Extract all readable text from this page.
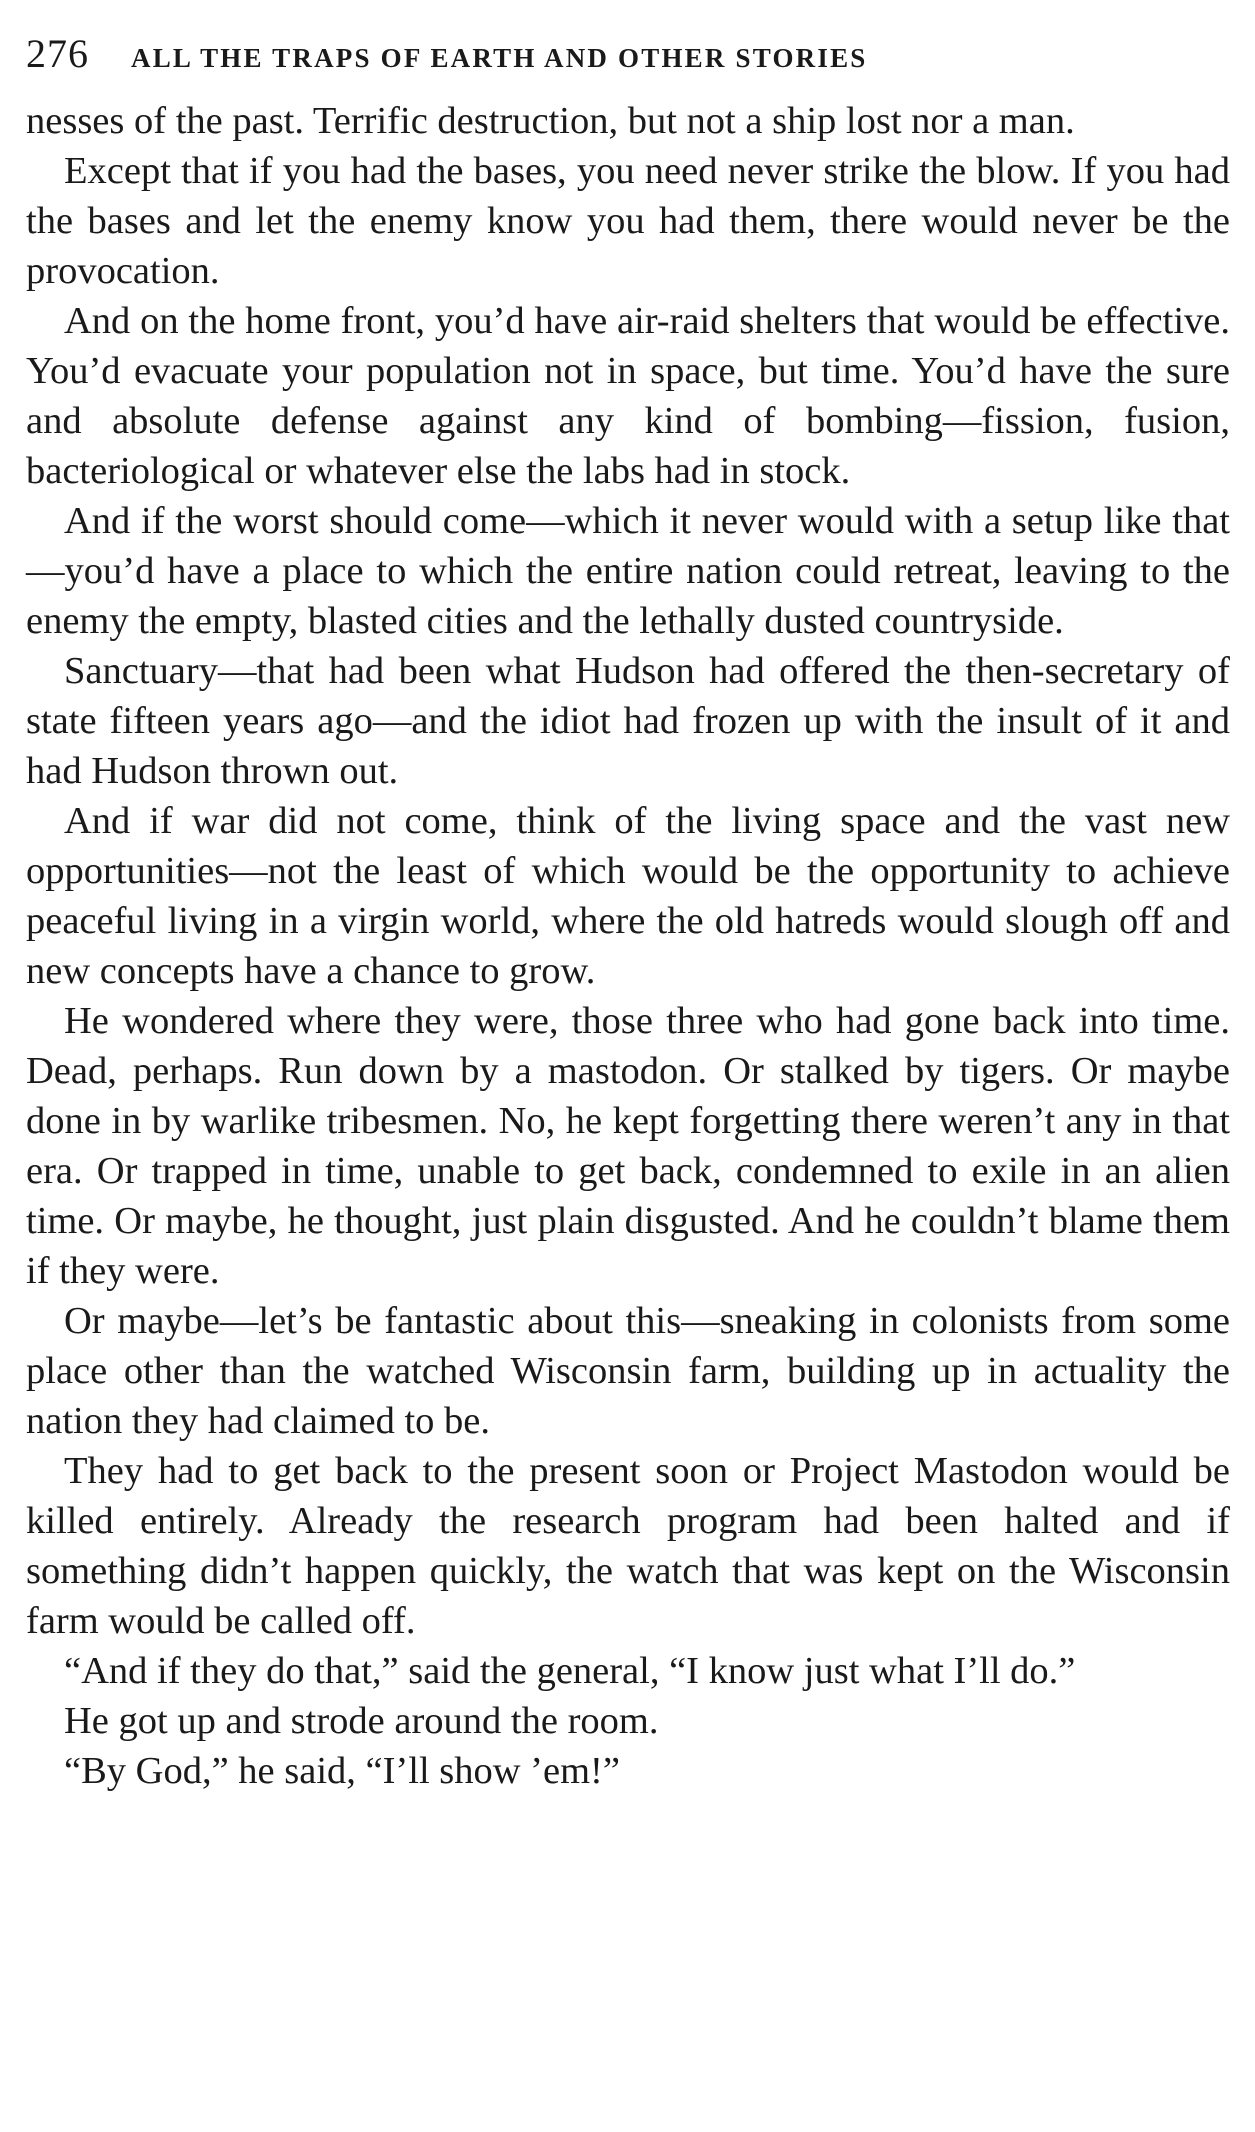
276 ALL THE TRAPS OF EARTH AND OTHER STORIES

nesses of the past. Terrific destruction, but not a ship lost nor a man.

Except that if you had the bases, you need never strike the blow. If you had the bases and let the enemy know you had them, there would never be the provocation.

And on the home front, you’d have air-raid shelters that would be effective. You’d evacuate your population not in space, but time. You’d have the sure and absolute defense against any kind of bombing—fission, fusion, bacteriological or whatever else the labs had in stock.

And if the worst should come—which it never would with a setup like that—you’d have a place to which the entire nation could retreat, leaving to the enemy the empty, blasted cities and the lethally dusted countryside.

Sanctuary—that had been what Hudson had offered the then-secretary of state fifteen years ago—and the idiot had frozen up with the insult of it and had Hudson thrown out.

And if war did not come, think of the living space and the vast new opportunities—not the least of which would be the opportunity to achieve peaceful living in a virgin world, where the old hatreds would slough off and new concepts have a chance to grow.

He wondered where they were, those three who had gone back into time. Dead, perhaps. Run down by a mastodon. Or stalked by tigers. Or maybe done in by warlike tribesmen. No, he kept forgetting there weren’t any in that era. Or trapped in time, unable to get back, condemned to exile in an alien time. Or maybe, he thought, just plain disgusted. And he couldn’t blame them if they were.

Or maybe—let’s be fantastic about this—sneaking in colonists from some place other than the watched Wisconsin farm, building up in actuality the nation they had claimed to be.

They had to get back to the present soon or Project Mastodon would be killed entirely. Already the research program had been halted and if something didn’t happen quickly, the watch that was kept on the Wisconsin farm would be called off.

“And if they do that,” said the general, “I know just what I’ll do.”

He got up and strode around the room.

“By God,” he said, “I’ll show ’em!”
